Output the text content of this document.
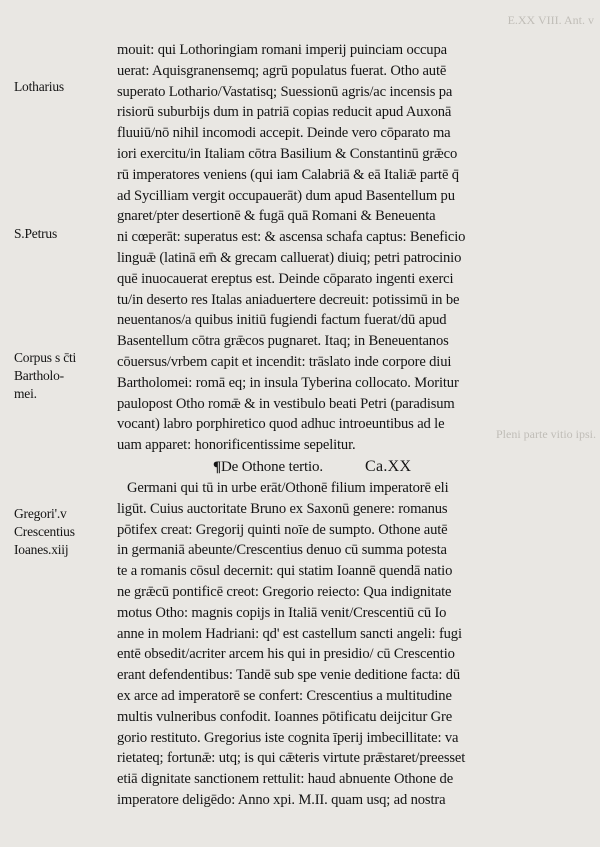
E.XX VIII. Ant. v
Pleni parte vitio ipsi.
Lotharius
S.Petrus
Corpus s c̄ti
Bartholo-
mei.
Gregori'.v
Crescentius
Ioanes.xiij
mouit: qui Lothoringiam romani imperij puinciam occupa
uerat: Aquisgranensemq; agrū populatus fuerat. Otho autē
superato Lothario/Vastatisq; Suessionū agris/ac incensis pa
risiorū suburbijs dum in patriā copias reducit apud Auxonā
fluuiū/nō nihil incomodi accepit. Deinde vero cōparato ma
iori exercitu/in Italiam cōtra Basilium & Constantinū grǣco
rū imperatores veniens (qui iam Calabriā & eā Italiǣ partē q̄
ad Sycilliam vergit occupauerāt) dum apud Basentellum pu
gnaret/pter desertionē & fugā quā Romani & Beneuenta
ni cœperāt: superatus est: & ascensa schafa captus: Beneficio
linguǣ (latinā em̄ & grecam calluerat) diuiq; petri patrocinio
quē inuocauerat ereptus est. Deinde cōparato ingenti exerci
tu/in deserto res Italas aniaduertere decreuit: potissimū in be
neuentanos/a quibus initiū fugiendi factum fuerat/dū apud
Basentellum cōtra grǣcos pugnaret. Itaq; in Beneuentanos
cōuersus/vrbem capit et incendit: trāslato inde corpore diui
Bartholomei: romā eq; in insula Tyberina collocato. Moritur
paulopost Otho romǣ & in vestibulo beati Petri (paradisum
vocant) labro porphiretico quod adhuc introeuntibus ad le
uam apparet: honorificentissime sepelitur.
¶De Othone tertio.	Ca.XX
Germani qui tū in urbe erāt/Othonē filium imperatorē eli
ligūt. Cuius auctoritate Bruno ex Saxonū genere: romanus
pōtifex creat: Gregorij quinti noīe de sumpto. Othone autē
in germaniā abeunte/Crescentius denuo cū summa potesta
te a romanis cōsul decernit: qui statim Ioannē quendā natio
ne grǣcū pontificē creot: Gregorio reiecto: Qua indignitate
motus Otho: magnis copijs in Italiā venit/Crescentiū cū Io
anne in molem Hadriani: qd' est castellum sancti angeli: fugi
entē obsedit/acriter arcem his qui in presidio/ cū Crescentio
erant defendentibus: Tandē sub spe venie deditione facta: dū
ex arce ad imperatorē se confert: Crescentius a multitudine
multis vulneribus confodit. Ioannes pōtificatu deijcitur Gre
gorio restituto. Gregorius iste cognita īperij imbecillitate: va
rietateq; fortunǣ: utq; is qui cǣteris virtute prǣstaret/preesset
etiā dignitate sanctionem rettulit: haud abnuente Othone de
imperatore deligēdo: Anno xpi. M.II. quam usq; ad nostra
